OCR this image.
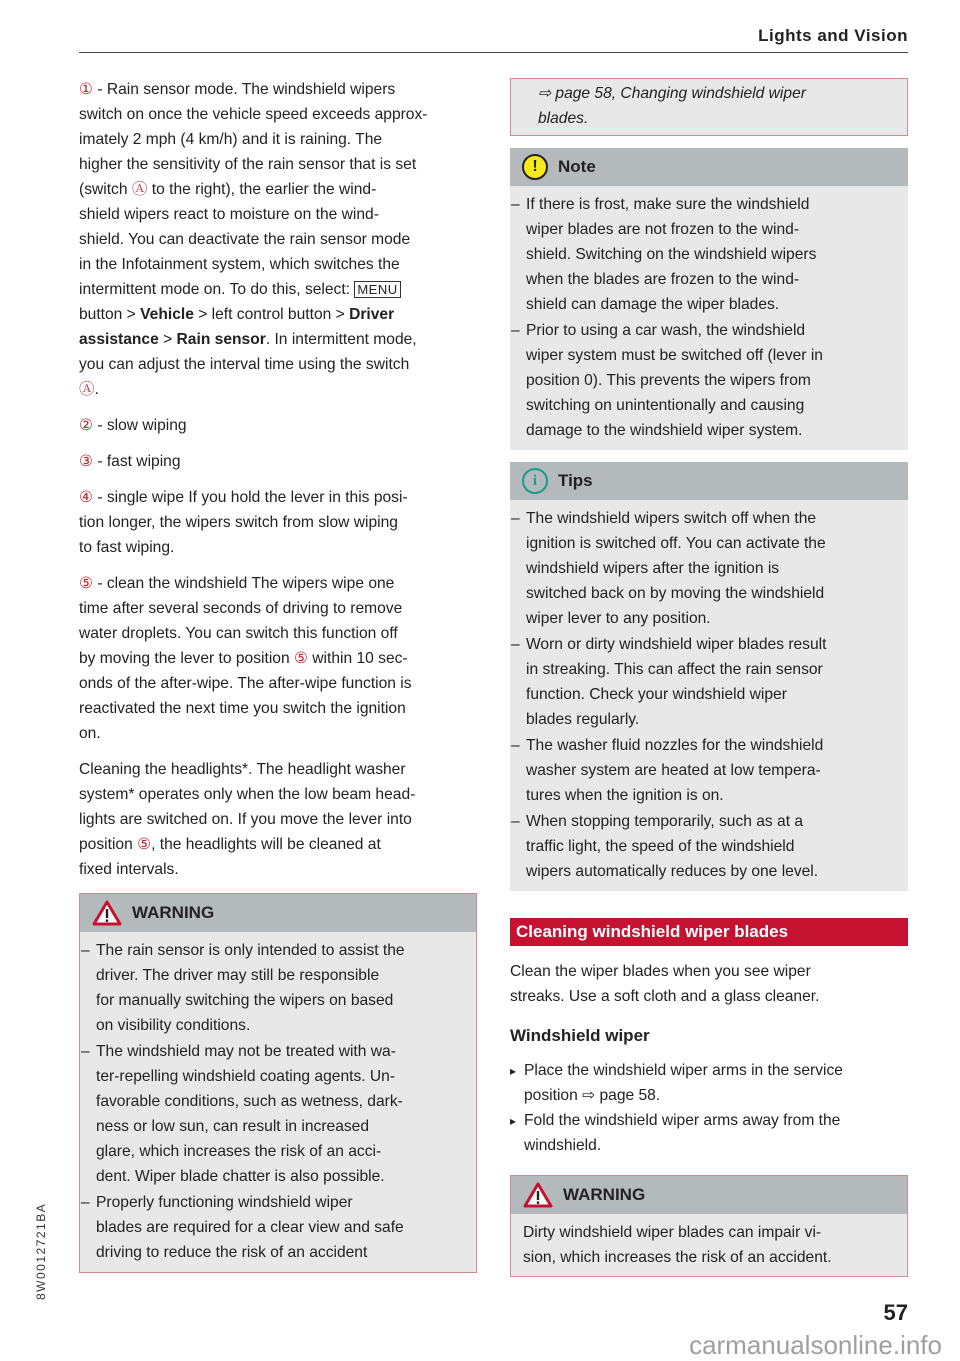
Lights and Vision
① - Rain sensor mode. The windshield wipers
switch on once the vehicle speed exceeds approx-
imately 2 mph (4 km/h) and it is raining. The
higher the sensitivity of the rain sensor that is set
(switch Ⓐ to the right), the earlier the wind-
shield wipers react to moisture on the wind-
shield. You can deactivate the rain sensor mode
in the Infotainment system, which switches the
intermittent mode on. To do this, select: MENU
button > Vehicle > left control button > Driver
assistance > Rain sensor. In intermittent mode,
you can adjust the interval time using the switch
Ⓐ.
② - slow wiping
③ - fast wiping
④ - single wipe If you hold the lever in this posi-
tion longer, the wipers switch from slow wiping
to fast wiping.
⑤ - clean the windshield The wipers wipe one
time after several seconds of driving to remove
water droplets. You can switch this function off
by moving the lever to position ⑤ within 10 sec-
onds of the after-wipe. The after-wipe function is
reactivated the next time you switch the ignition
on.
Cleaning the headlights*. The headlight washer
system* operates only when the low beam head-
lights are switched on. If you move the lever into
position ⑤, the headlights will be cleaned at
fixed intervals.
WARNING
– The rain sensor is only intended to assist the
driver. The driver may still be responsible
for manually switching the wipers on based
on visibility conditions.
– The windshield may not be treated with wa-
ter-repelling windshield coating agents. Un-
favorable conditions, such as wetness, dark-
ness or low sun, can result in increased
glare, which increases the risk of an acci-
dent. Wiper blade chatter is also possible.
– Properly functioning windshield wiper
blades are required for a clear view and safe
driving to reduce the risk of an accident
⇨ page 58, Changing windshield wiper
blades.
!	Note
– If there is frost, make sure the windshield
wiper blades are not frozen to the wind-
shield. Switching on the windshield wipers
when the blades are frozen to the wind-
shield can damage the wiper blades.
– Prior to using a car wash, the windshield
wiper system must be switched off (lever in
position 0). This prevents the wipers from
switching on unintentionally and causing
damage to the windshield wiper system.
i	Tips
– The windshield wipers switch off when the
ignition is switched off. You can activate the
windshield wipers after the ignition is
switched back on by moving the windshield
wiper lever to any position.
– Worn or dirty windshield wiper blades result
in streaking. This can affect the rain sensor
function. Check your windshield wiper
blades regularly.
– The washer fluid nozzles for the windshield
washer system are heated at low tempera-
tures when the ignition is on.
– When stopping temporarily, such as at a
traffic light, the speed of the windshield
wipers automatically reduces by one level.
Cleaning windshield wiper blades
Clean the wiper blades when you see wiper
streaks. Use a soft cloth and a glass cleaner.
Windshield wiper
▸ Place the windshield wiper arms in the service
position ⇨ page 58.
▸ Fold the windshield wiper arms away from the
windshield.
WARNING
Dirty windshield wiper blades can impair vi-
sion, which increases the risk of an accident.
8W0012721BA
57
carmanualsonline.info
